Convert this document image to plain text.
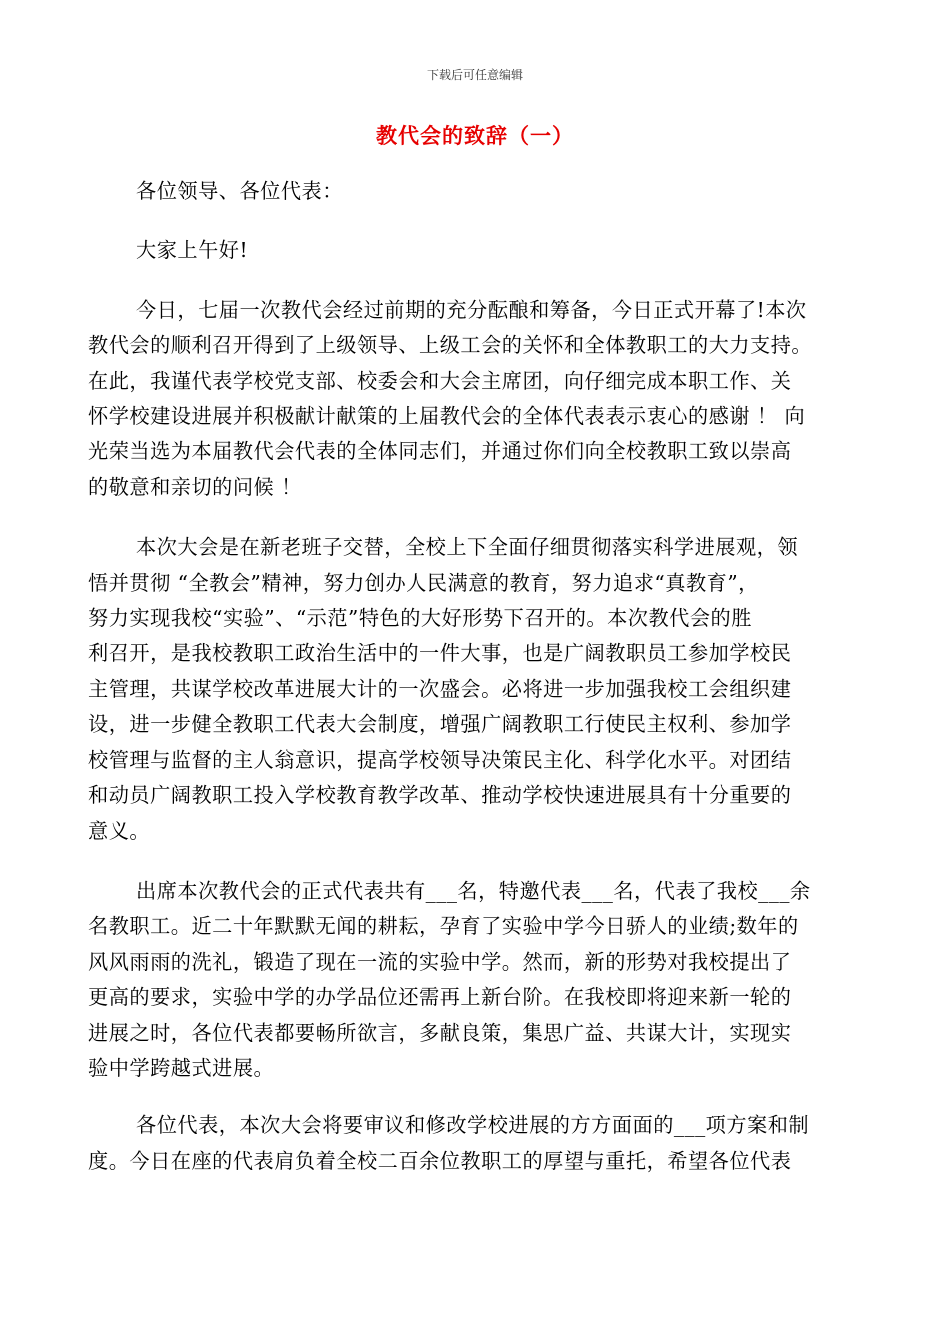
下载后可任意编辑
教代会的致辞（一）

各位领导、各位代表：

大家上午好!

今日，七届一次教代会经过前期的充分酝酿和筹备，今日正式开幕了!本次
教代会的顺利召开得到了上级领导、上级工会的关怀和全体教职工的大力支持。
在此，我谨代表学校党支部、校委会和大会主席团，向仔细完成本职工作、关
怀学校建设进展并积极献计献策的上届教代会的全体代表表示衷心的感谢 ！ 向
光荣当选为本届教代会代表的全体同志们，并通过你们向全校教职工致以崇高
的敬意和亲切的问候 ！
本次大会是在新老班子交替，全校上下全面仔细贯彻落实科学进展观，领
悟并贯彻 “全教会”精神，努力创办人民满意的教育，努力追求“真教育”，
努力实现我校“实验”、“示范”特色的大好形势下召开的。本次教代会的胜
利召开，是我校教职工政治生活中的一件大事，也是广阔教职员工参加学校民
主管理，共谋学校改革进展大计的一次盛会。必将进一步加强我校工会组织建
设，进一步健全教职工代表大会制度，增强广阔教职工行使民主权利、参加学
校管理与监督的主人翁意识，提高学校领导决策民主化、科学化水平。对团结
和动员广阔教职工投入学校教育教学改革、推动学校快速进展具有十分重要的
意义。
出席本次教代会的正式代表共有___名，特邀代表___名，代表了我校___余
名教职工。近二十年默默无闻的耕耘，孕育了实验中学今日骄人的业绩;数年的
风风雨雨的洗礼，锻造了现在一流的实验中学。然而，新的形势对我校提出了
更高的要求，实验中学的办学品位还需再上新台阶。在我校即将迎来新一轮的
进展之时，各位代表都要畅所欲言，多献良策，集思广益、共谋大计，实现实
验中学跨越式进展。
各位代表，本次大会将要审议和修改学校进展的方方面面的___项方案和制
度。今日在座的代表肩负着全校二百余位教职工的厚望与重托，希望各位代表
